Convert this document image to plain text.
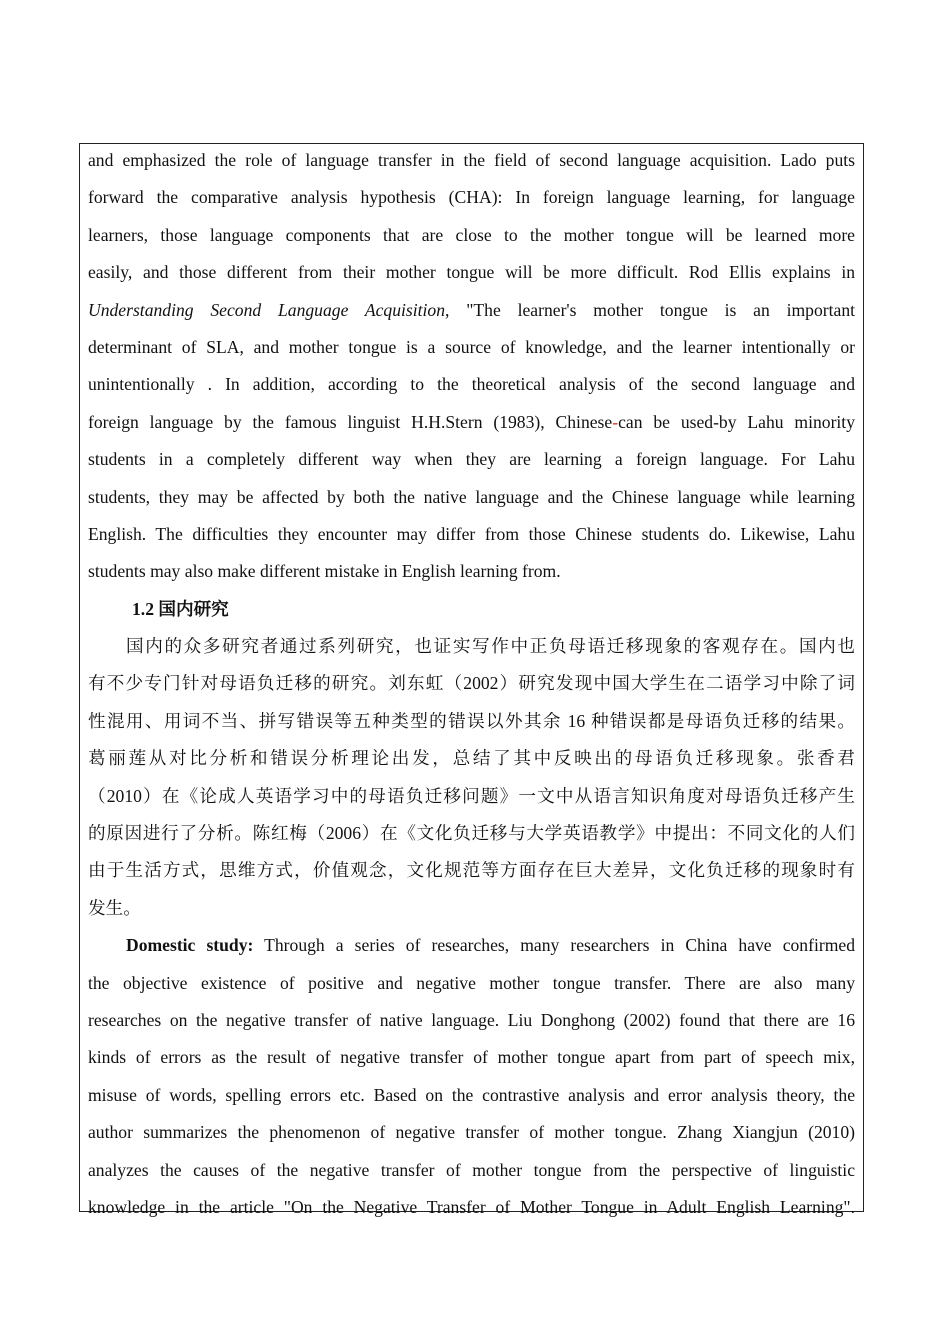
and emphasized the role of language transfer in the field of second language acquisition. Lado puts
forward the comparative analysis hypothesis (CHA): In foreign language learning, for language
learners, those language components that are close to the mother tongue will be learned more
easily, and those different from their mother tongue will be more difficult. Rod Ellis explains in
Understanding Second Language Acquisition, "The learner's mother tongue is an important
determinant of SLA, and mother tongue is a source of knowledge, and the learner intentionally or
unintentionally . In addition, according to the theoretical analysis of the second language and
foreign language by the famous linguist H.H.Stern (1983), Chinese-can be used-by Lahu minority
students in a completely different way when they are learning a foreign language. For Lahu
students, they may be affected by both the native language and the Chinese language while learning
English. The difficulties they encounter may differ from those Chinese students do. Likewise, Lahu
students may also make different mistake in English learning from.
1.2 国内研究
国内的众多研究者通过系列研究，也证实写作中正负母语迁移现象的客观存在。国内也
有不少专门针对母语负迁移的研究。刘东虹（2002）研究发现中国大学生在二语学习中除了词
性混用、用词不当、拼写错误等五种类型的错误以外其余 16 种错误都是母语负迁移的结果。
葛丽莲从对比分析和错误分析理论出发，总结了其中反映出的母语负迁移现象。张香君
（2010）在《论成人英语学习中的母语负迁移问题》一文中从语言知识角度对母语负迁移产生
的原因进行了分析。陈红梅（2006）在《文化负迁移与大学英语教学》中提出：不同文化的人们
由于生活方式，思维方式，价值观念，文化规范等方面存在巨大差异，文化负迁移的现象时有
发生。
Domestic study: Through a series of researches, many researchers in China have confirmed
the objective existence of positive and negative mother tongue transfer. There are also many
researches on the negative transfer of native language. Liu Donghong (2002) found that there are 16
kinds of errors as the result of negative transfer of mother tongue apart from part of speech mix,
misuse of words, spelling errors etc. Based on the contrastive analysis and error analysis theory, the
author summarizes the phenomenon of negative transfer of mother tongue. Zhang Xiangjun (2010)
analyzes the causes of the negative transfer of mother tongue from the perspective of linguistic
knowledge in the article "On the Negative Transfer of Mother Tongue in Adult English Learning".
